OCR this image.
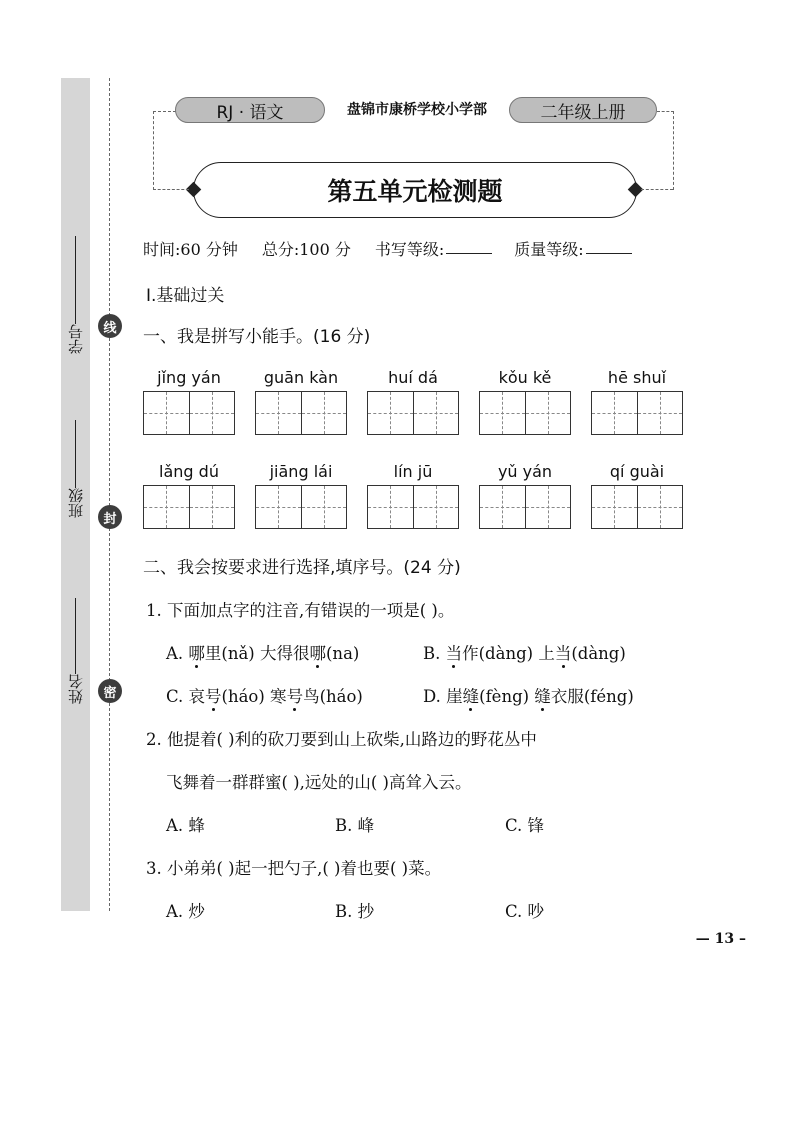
学号
班级
姓名
线
封
密
RJ · 语文	盘锦市康桥学校小学部	二年级上册
第五单元检测题
时间:60 分钟 总分:100 分 书写等级:	质量等级:
Ⅰ.基础过关
一、我是拼写小能手。(16 分)
jǐng yán	guān kàn	huí dá	kǒu kě	hē shuǐ
lǎng dú	jiāng lái	lín jū	yǔ yán	qí guài
二、我会按要求进行选择,填序号。(24 分)
1. 下面加点字的注音,有错误的一项是( )。
A. 哪里(nǎ) 大得很哪(na)	B. 当作(dàng) 上当(dàng)
C. 哀号(háo) 寒号鸟(háo)	D. 崖缝(fèng) 缝衣服(féng)
2. 他提着( )利的砍刀要到山上砍柴,山路边的野花丛中
飞舞着一群群蜜( ),远处的山( )高耸入云。
A. 蜂	B. 峰	C. 锋
3. 小弟弟( )起一把勺子,( )着也要( )菜。
A. 炒	B. 抄	C. 吵
— 13 –
